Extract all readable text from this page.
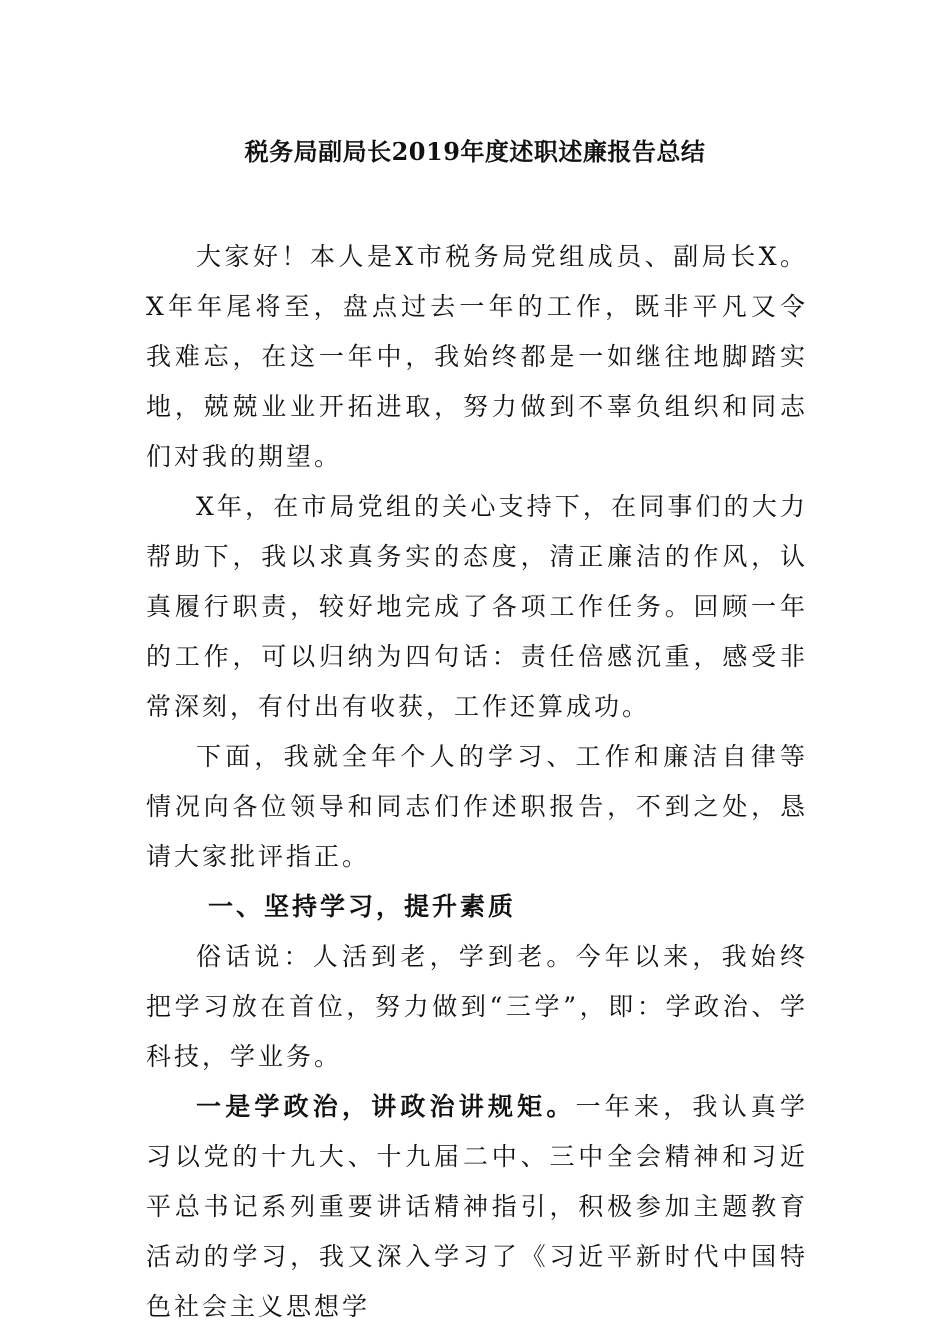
税务局副局长2019年度述职述廉报告总结

大家好！本人是X市税务局党组成员、副局长X。X年年尾将至，盘点过去一年的工作，既非平凡又令我难忘，在这一年中，我始终都是一如继往地脚踏实地，兢兢业业开拓进取，努力做到不辜负组织和同志们对我的期望。

X年，在市局党组的关心支持下，在同事们的大力帮助下，我以求真务实的态度，清正廉洁的作风，认真履行职责，较好地完成了各项工作任务。回顾一年的工作，可以归纳为四句话：责任倍感沉重，感受非常深刻，有付出有收获，工作还算成功。

下面，我就全年个人的学习、工作和廉洁自律等情况向各位领导和同志们作述职报告，不到之处，恳请大家批评指正。

一、坚持学习，提升素质

俗话说：人活到老，学到老。今年以来，我始终把学习放在首位，努力做到“三学”，即：学政治、学科技，学业务。

一是学政治，讲政治讲规矩。一年来，我认真学习以党的十九大、十九届二中、三中全会精神和习近平总书记系列重要讲话精神指引，积极参加主题教育活动的学习，我又深入学习了《习近平新时代中国特色社会主义思想学
